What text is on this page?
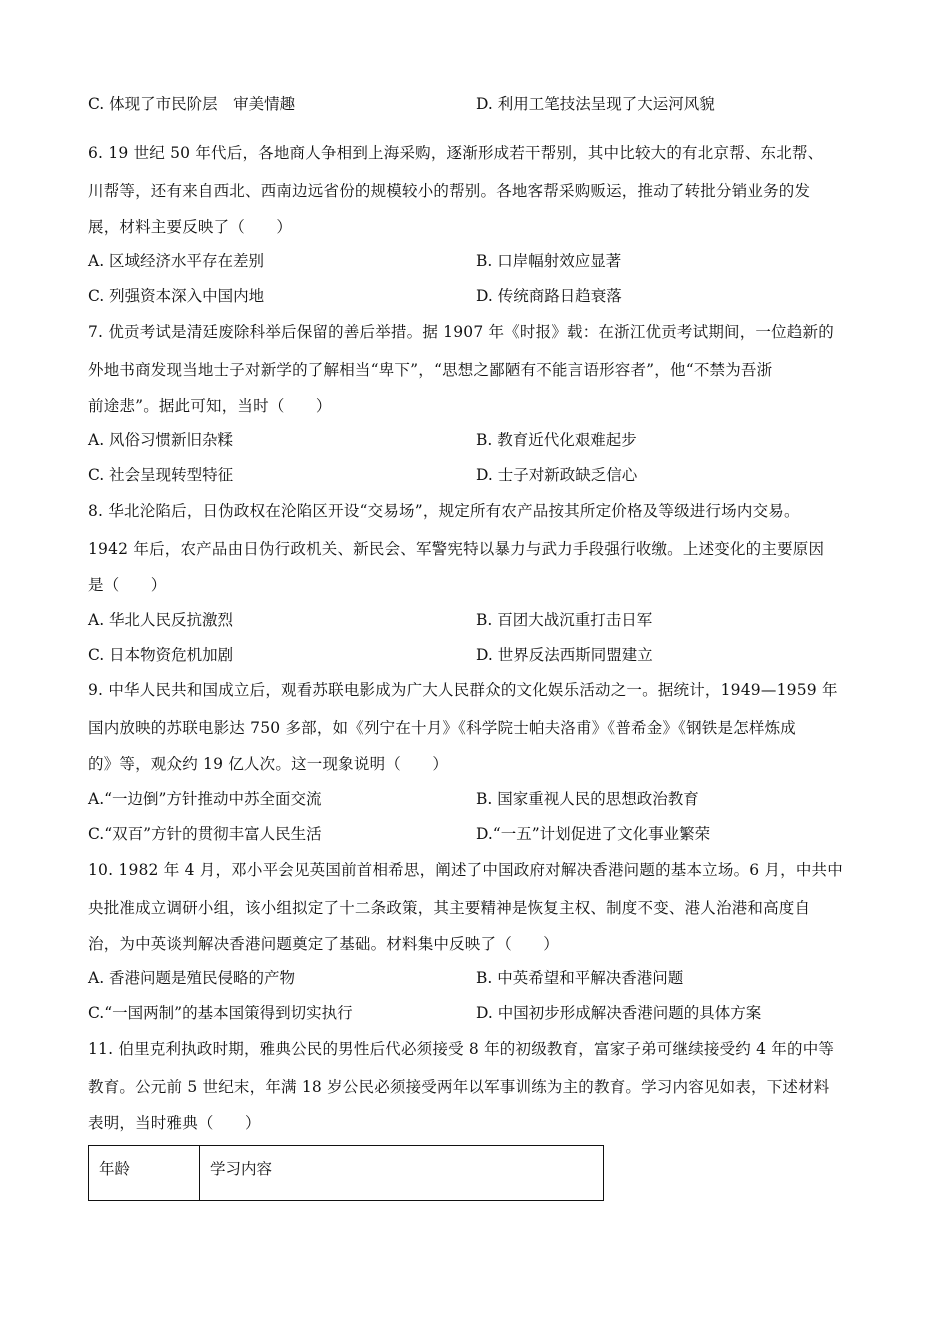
C. 体现了市民阶层　审美情趣	D. 利用工笔技法呈现了大运河风貌
6. 19 世纪 50 年代后，各地商人争相到上海采购，逐渐形成若干帮别，其中比较大的有北京帮、东北帮、
川帮等，还有来自西北、西南边远省份的规模较小的帮别。各地客帮采购贩运，推动了转批分销业务的发
展，材料主要反映了（　　）
A. 区域经济水平存在差别	B. 口岸幅射效应显著
C. 列强资本深入中国内地	D. 传统商路日趋衰落
7. 优贡考试是清廷废除科举后保留的善后举措。据 1907 年《时报》载：在浙江优贡考试期间，一位趋新的
外地书商发现当地士子对新学的了解相当“卑下”，“思想之鄙陋有不能言语形容者”，他“不禁为吾浙
前途悲”。据此可知，当时（　　）
A. 风俗习惯新旧杂糅	B. 教育近代化艰难起步
C. 社会呈现转型特征	D. 士子对新政缺乏信心
8. 华北沦陷后，日伪政权在沦陷区开设“交易场”，规定所有农产品按其所定价格及等级进行场内交易。
1942 年后，农产品由日伪行政机关、新民会、军警宪特以暴力与武力手段强行收缴。上述变化的主要原因
是（　　）
A. 华北人民反抗激烈	B. 百团大战沉重打击日军
C. 日本物资危机加剧	D. 世界反法西斯同盟建立
9. 中华人民共和国成立后，观看苏联电影成为广大人民群众的文化娱乐活动之一。据统计，1949—1959 年
国内放映的苏联电影达 750 多部，如《列宁在十月》《科学院士帕夫洛甫》《普希金》《钢铁是怎样炼成
的》等，观众约 19 亿人次。这一现象说明（　　）
A.“一边倒”方针推动中苏全面交流	B. 国家重视人民的思想政治教育
C.“双百”方针的贯彻丰富人民生活	D.“一五”计划促进了文化事业繁荣
10. 1982 年 4 月，邓小平会见英国前首相希思，阐述了中国政府对解决香港问题的基本立场。6 月，中共中
央批准成立调研小组，该小组拟定了十二条政策，其主要精神是恢复主权、制度不变、港人治港和高度自
治，为中英谈判解决香港问题奠定了基础。材料集中反映了（　　）
A. 香港问题是殖民侵略的产物	B. 中英希望和平解决香港问题
C.“一国两制”的基本国策得到切实执行	D. 中国初步形成解决香港问题的具体方案
11. 伯里克利执政时期，雅典公民的男性后代必须接受 8 年的初级教育，富家子弟可继续接受约 4 年的中等
教育。公元前 5 世纪末，年满 18 岁公民必须接受两年以军事训练为主的教育。学习内容见如表，下述材料
表明，当时雅典（　　）
年龄	学习内容
